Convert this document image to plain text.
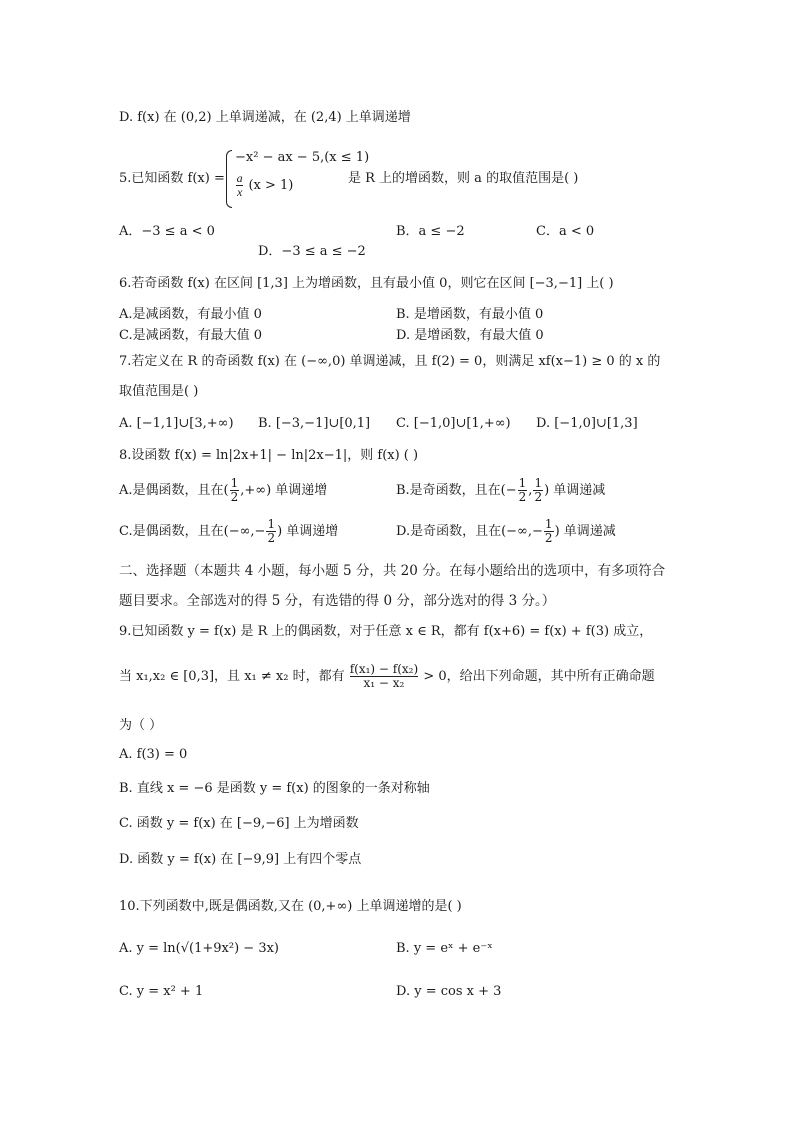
D. f(x) 在 (0,2) 上单调递减，在 (2,4) 上单调递增
5.已知函数 f(x) =
−x² − ax − 5,(x ≤ 1)
$\frac{a}{x} (x > 1)$	是 R 上的增函数，则 a 的取值范围是( )
A．−3 ≤ a < 0	B．a ≤ −2	C．a < 0
D．−3 ≤ a ≤ −2
6.若奇函数 f(x) 在区间 [1,3] 上为增函数，且有最小值 0，则它在区间 [−3,−1] 上( )
A.是减函数，有最小值 0	B. 是增函数，有最小值 0
C.是减函数，有最大值 0	D. 是增函数，有最大值 0
7.若定义在 R 的奇函数 f(x) 在 (−∞,0) 单调递减，且 f(2) = 0，则满足 xf(x−1) ≥ 0 的 x 的
取值范围是( )
A. [−1,1]∪[3,+∞) B. [−3,−1]∪[0,1] C. [−1,0]∪[1,+∞) D. [−1,0]∪[1,3]
8.设函数 f(x) = ln|2x+1| − ln|2x−1|，则 f(x) ( )
A.是偶函数，且在( $\frac{1}{2}$ ,+∞) 单调递增	B.是奇函数，且在(− $\frac{1}{2}$ , $\frac{1}{2}$ ) 单调递减
C.是偶函数，且在(−∞,− $\frac{1}{2}$ ) 单调递增	D.是奇函数，且在(−∞,− $\frac{1}{2}$ ) 单调递减
二、选择题（本题共 4 小题，每小题 5 分，共 20 分。在每小题给出的选项中，有多项符合
题目要求。全部选对的得 5 分，有选错的得 0 分，部分选对的得 3 分。）
9.已知函数 y = f(x) 是 R 上的偶函数，对于任意 x ∈ R，都有 f(x+6) = f(x) + f(3) 成立，
当 x₁,x₂ ∈ [0,3]，且 x₁ ≠ x₂ 时，都有 $\frac{\text{f(x₁) − f(x₂)}}{\text{x₁ − x₂}} > 0$，给出下列命题，其中所有正确命题
为（ ）
A. f(3) = 0
B. 直线 x = −6 是函数 y = f(x) 的图象的一条对称轴
C. 函数 y = f(x) 在 [−9,−6] 上为增函数
D. 函数 y = f(x) 在 [−9,9] 上有四个零点
10.下列函数中,既是偶函数,又在 (0,+∞) 上单调递增的是( )
A. y = ln(√(1+9x²) − 3x)	B. y = eˣ + e⁻ˣ
C. y = x² + 1	D. y = cos x + 3
